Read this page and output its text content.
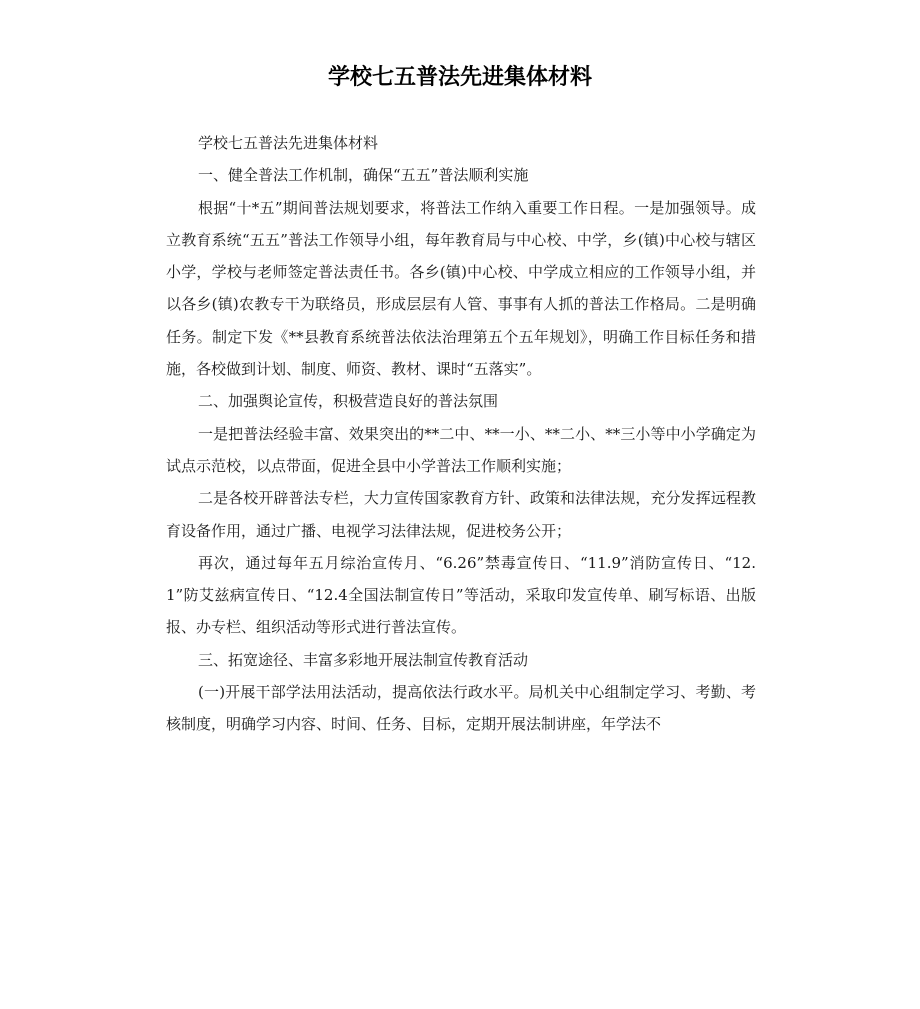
学校七五普法先进集体材料

学校七五普法先进集体材料

一、健全普法工作机制，确保“五五”普法顺利实施

根据“十*五”期间普法规划要求，将普法工作纳入重要工作日程。一是加强领导。成立教育系统“五五”普法工作领导小组，每年教育局与中心校、中学，乡(镇)中心校与辖区小学，学校与老师签定普法责任书。各乡(镇)中心校、中学成立相应的工作领导小组，并以各乡(镇)农教专干为联络员，形成层层有人管、事事有人抓的普法工作格局。二是明确任务。制定下发《**县教育系统普法依法治理第五个五年规划》，明确工作目标任务和措施，各校做到计划、制度、师资、教材、课时“五落实”。

二、加强舆论宣传，积极营造良好的普法氛围

一是把普法经验丰富、效果突出的**二中、**一小、**二小、**三小等中小学确定为试点示范校，以点带面，促进全县中小学普法工作顺利实施；

二是各校开辟普法专栏，大力宣传国家教育方针、政策和法律法规，充分发挥远程教育设备作用，通过广播、电视学习法律法规，促进校务公开；

再次，通过每年五月综治宣传月、“6.26”禁毒宣传日、“11.9”消防宣传日、“12.1”防艾兹病宣传日、“12.4全国法制宣传日”等活动，采取印发宣传单、刷写标语、出版报、办专栏、组织活动等形式进行普法宣传。

三、拓宽途径、丰富多彩地开展法制宣传教育活动

(一)开展干部学法用法活动，提高依法行政水平。局机关中心组制定学习、考勤、考核制度，明确学习内容、时间、任务、目标，定期开展法制讲座，年学法不
